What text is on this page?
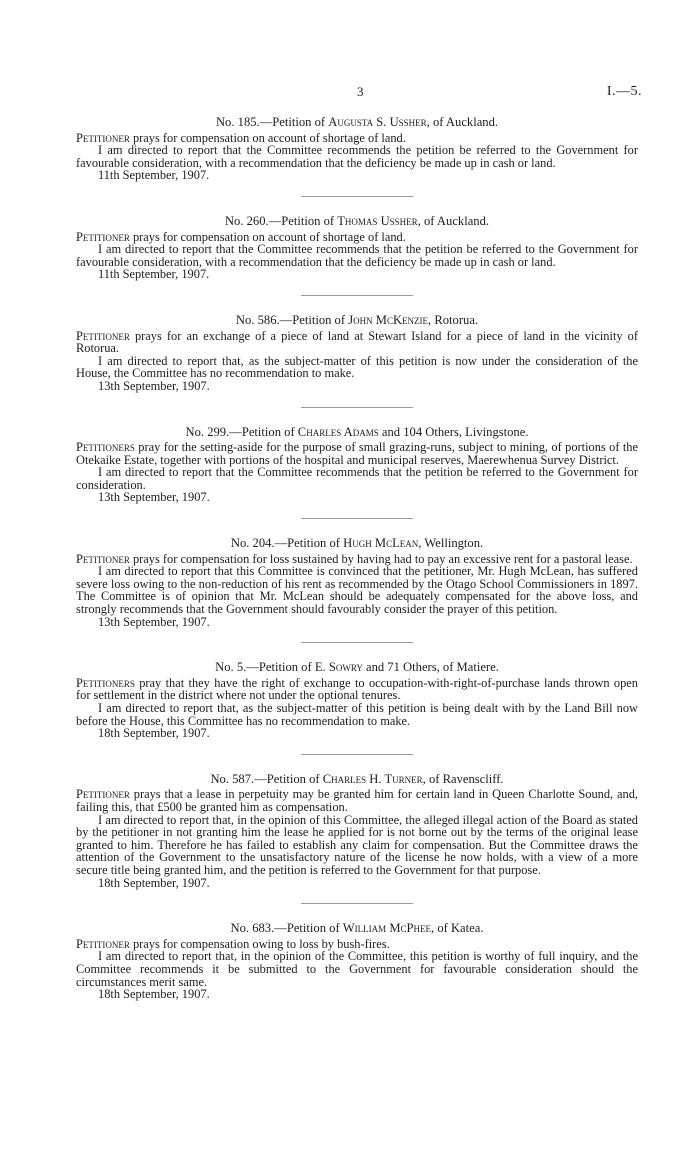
3	I.—5.

No. 185.—Petition of Augusta S. Ussher, of Auckland.

Petitioner prays for compensation on account of shortage of land.

I am directed to report that the Committee recommends the petition be referred to the Government for favourable consideration, with a recommendation that the deficiency be made up in cash or land.

11th September, 1907.

No. 260.—Petition of Thomas Ussher, of Auckland.

Petitioner prays for compensation on account of shortage of land.

I am directed to report that the Committee recommends that the petition be referred to the Government for favourable consideration, with a recommendation that the deficiency be made up in cash or land.

11th September, 1907.

No. 586.—Petition of John McKenzie, Rotorua.

Petitioner prays for an exchange of a piece of land at Stewart Island for a piece of land in the vicinity of Rotorua.

I am directed to report that, as the subject-matter of this petition is now under the consideration of the House, the Committee has no recommendation to make.

13th September, 1907.

No. 299.—Petition of Charles Adams and 104 Others, Livingstone.

Petitioners pray for the setting-aside for the purpose of small grazing-runs, subject to mining, of portions of the Otekaike Estate, together with portions of the hospital and municipal reserves, Maerewhenua Survey District.

I am directed to report that the Committee recommends that the petition be referred to the Government for consideration.

13th September, 1907.

No. 204.—Petition of Hugh McLean, Wellington.

Petitioner prays for compensation for loss sustained by having had to pay an excessive rent for a pastoral lease.

I am directed to report that this Committee is convinced that the petitioner, Mr. Hugh McLean, has suffered severe loss owing to the non-reduction of his rent as recommended by the Otago School Commissioners in 1897. The Committee is of opinion that Mr. McLean should be adequately compensated for the above loss, and strongly recommends that the Government should favourably consider the prayer of this petition.

13th September, 1907.

No. 5.—Petition of E. Sowry and 71 Others, of Matiere.

Petitioners pray that they have the right of exchange to occupation-with-right-of-purchase lands thrown open for settlement in the district where not under the optional tenures.

I am directed to report that, as the subject-matter of this petition is being dealt with by the Land Bill now before the House, this Committee has no recommendation to make.

18th September, 1907.

No. 587.—Petition of Charles H. Turner, of Ravenscliff.

Petitioner prays that a lease in perpetuity may be granted him for certain land in Queen Charlotte Sound, and, failing this, that £500 be granted him as compensation.

I am directed to report that, in the opinion of this Committee, the alleged illegal action of the Board as stated by the petitioner in not granting him the lease he applied for is not borne out by the terms of the original lease granted to him. Therefore he has failed to establish any claim for compensation. But the Committee draws the attention of the Government to the unsatisfactory nature of the license he now holds, with a view of a more secure title being granted him, and the petition is referred to the Government for that purpose.

18th September, 1907.

No. 683.—Petition of William McPhee, of Katea.

Petitioner prays for compensation owing to loss by bush-fires.

I am directed to report that, in the opinion of the Committee, this petition is worthy of full inquiry, and the Committee recommends it be submitted to the Government for favourable consideration should the circumstances merit same.

18th September, 1907.
